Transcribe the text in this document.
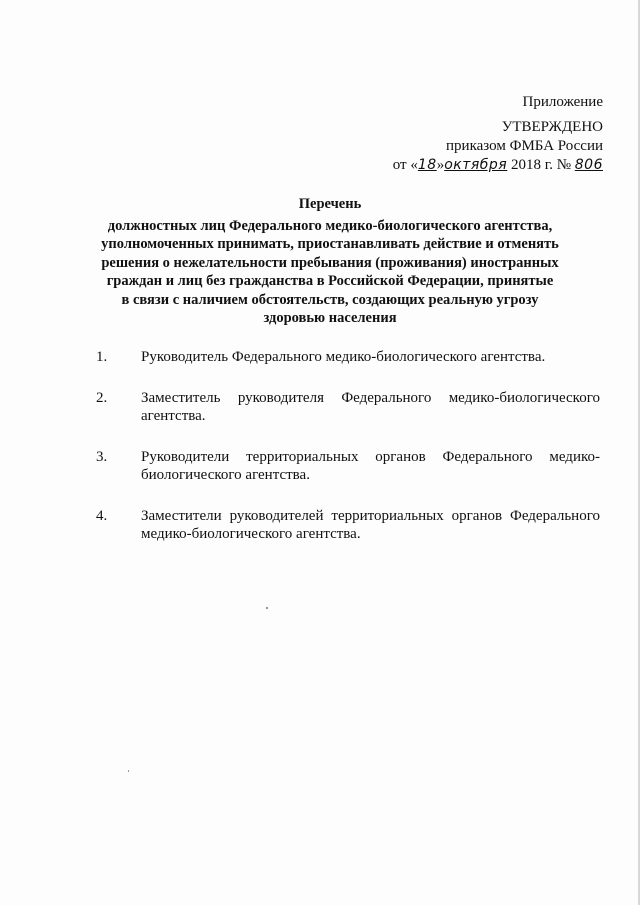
Приложение
УТВЕРЖДЕНО
приказом ФМБА России
от «18»октября 2018 г. № 806
Перечень
должностных лиц Федерального медико-биологического агентства,
уполномоченных принимать, приостанавливать действие и отменять
решения о нежелательности пребывания (проживания) иностранных
граждан и лиц без гражданства в Российской Федерации, принятые
в связи с наличием обстоятельств, создающих реальную угрозу
здоровью населения
1.	Руководитель Федерального медико-биологического агентства.
2.	Заместитель руководителя Федерального медико-биологического агентства.
3.	Руководители территориальных органов Федерального медико-биологического агентства.
4.	Заместители руководителей территориальных органов Федерального медико-биологического агентства.
